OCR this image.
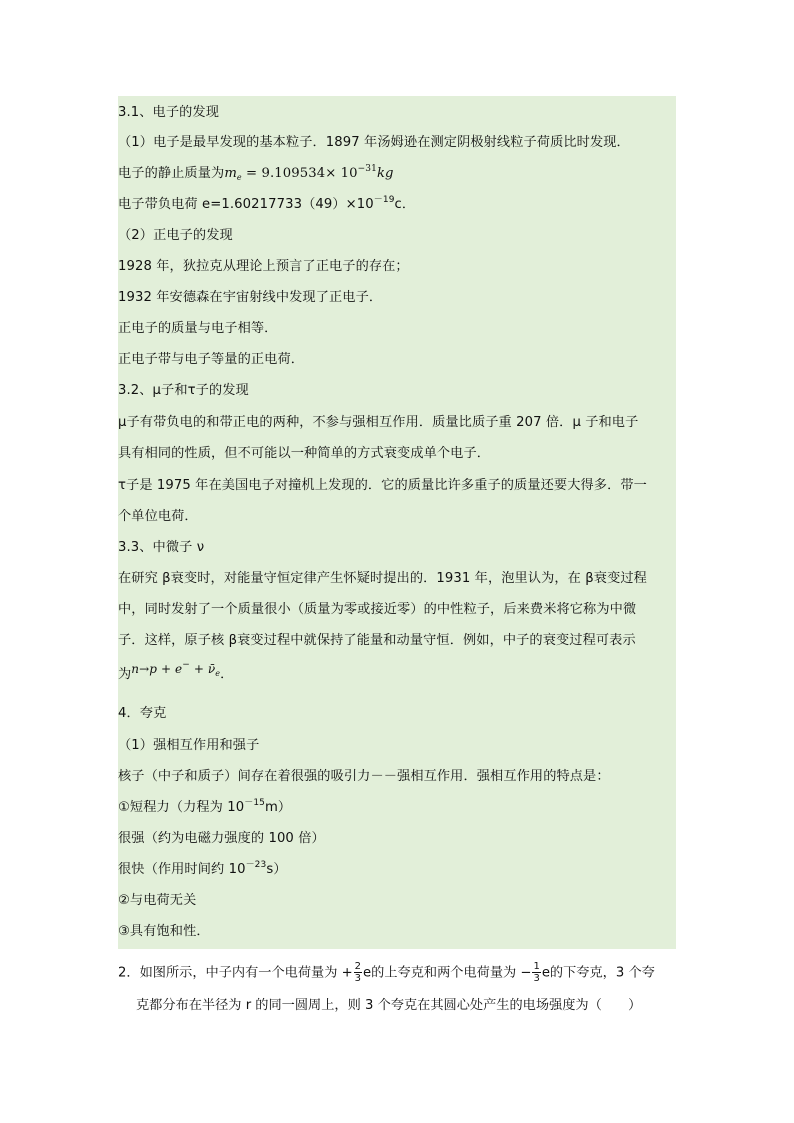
3.1、电子的发现
（1）电子是最早发现的基本粒子．1897 年汤姆逊在测定阴极射线粒子荷质比时发现．
电子的静止质量为$m_e = 9.109534\times 10^{-31}kg$
电子带负电荷 $e=1.60217733(49)\times 10^{-19}c$．
（2）正电子的发现
1928 年，狄拉克从理论上预言了正电子的存在；
1932 年安德森在宇宙射线中发现了正电子．
正电子的质量与电子相等．
正电子带与电子等量的正电荷．
3.2、μ子和τ子的发现
μ子有带负电的和带正电的两种，不参与强相互作用．质量比质子重 207 倍．μ 子和电子
具有相同的性质，但不可能以一种简单的方式衰变成单个电子．
τ子是 1975 年在美国电子对撞机上发现的．它的质量比许多重子的质量还要大得多．带一
个单位电荷．
3.3、中微子 ν
在研究 β衰变时，对能量守恒定律产生怀疑时提出的．1931 年，泡里认为，在 β衰变过程
中，同时发射了一个质量很小（质量为零或接近零）的中性粒子，后来费米将它称为中微
子．这样，原子核 β衰变过程中就保持了能量和动量守恒．例如，中子的衰变过程可表示
为$n\to p + e^- + \nū_e$．
4．夸克
（1）强相互作用和强子
核子（中子和质子）间存在着很强的吸引力－－强相互作用．强相互作用的特点是：
①短程力（力程为 $10^{-15}m$）
很强（约为电磁力强度的 100 倍）
很快（作用时间约 $10^{-23}s$）
②与电荷无关
③具有饱和性．
2．如图所示，中子内有一个电荷量为 + $\frac{2}{3}$ e的上夸克和两个电荷量为 − $\frac{1}{3}$ e的下夸克，3 个夸
克都分布在半径为 r 的同一圆周上，则 3 个夸克在其圆心处产生的电场强度为（　　）
